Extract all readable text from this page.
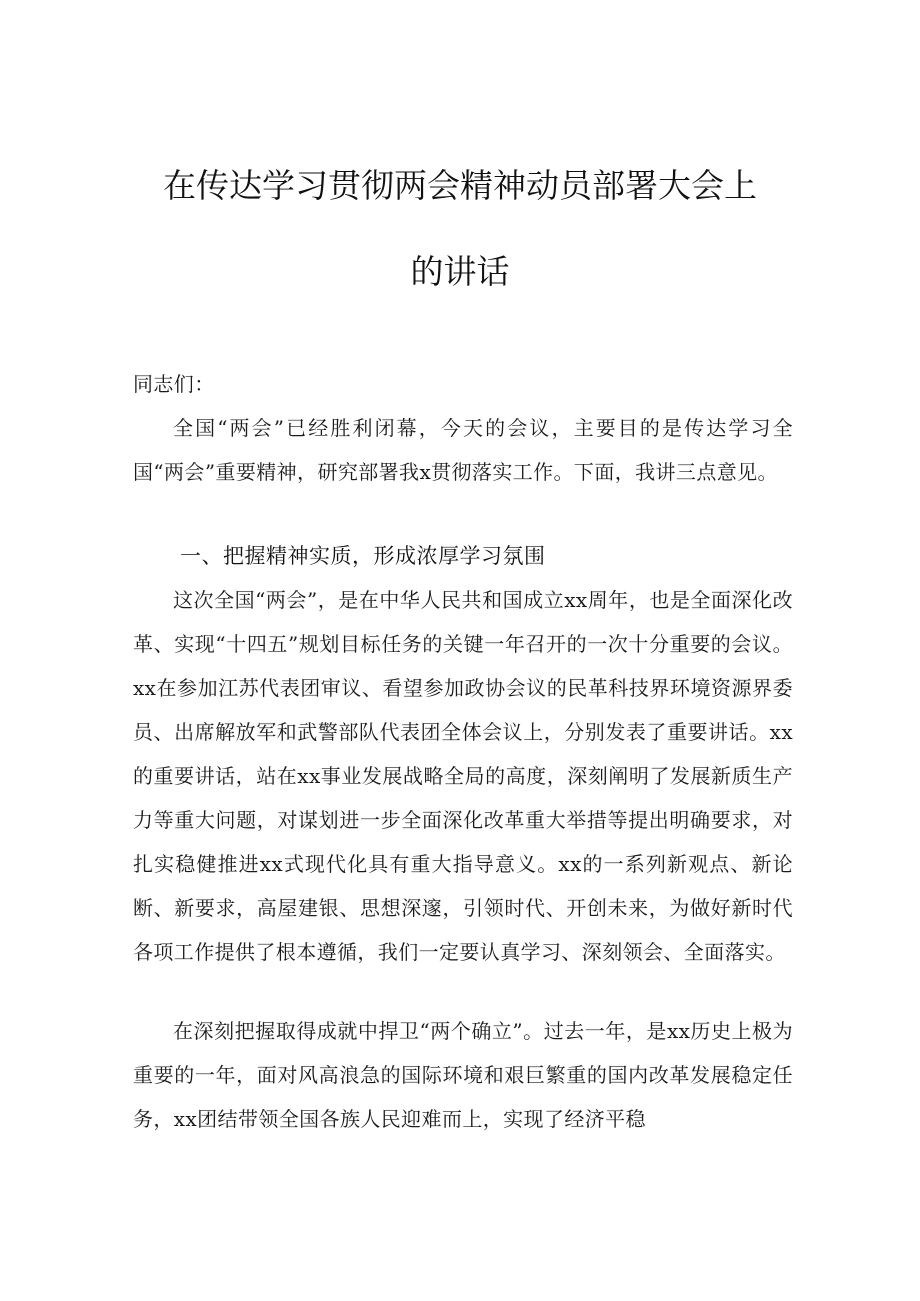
在传达学习贯彻两会精神动员部署大会上
的讲话
同志们：

全国“两会”已经胜利闭幕，今天的会议，主要目的是传达学习全国“两会”重要精神，研究部署我x贯彻落实工作。下面，我讲三点意见。

一、把握精神实质，形成浓厚学习氛围

这次全国“两会”，是在中华人民共和国成立xx周年，也是全面深化改革、实现“十四五”规划目标任务的关键一年召开的一次十分重要的会议。xx在参加江苏代表团审议、看望参加政协会议的民革科技界环境资源界委员、出席解放军和武警部队代表团全体会议上，分别发表了重要讲话。xx的重要讲话，站在xx事业发展战略全局的高度，深刻阐明了发展新质生产力等重大问题，对谋划进一步全面深化改革重大举措等提出明确要求，对扎实稳健推进xx式现代化具有重大指导意义。xx的一系列新观点、新论断、新要求，高屋建银、思想深邃，引领时代、开创未来，为做好新时代各项工作提供了根本遵循，我们一定要认真学习、深刻领会、全面落实。

在深刻把握取得成就中捍卫“两个确立”。过去一年，是xx历史上极为重要的一年，面对风高浪急的国际环境和艰巨繁重的国内改革发展稳定任务，xx团结带领全国各族人民迎难而上，实现了经济平稳
